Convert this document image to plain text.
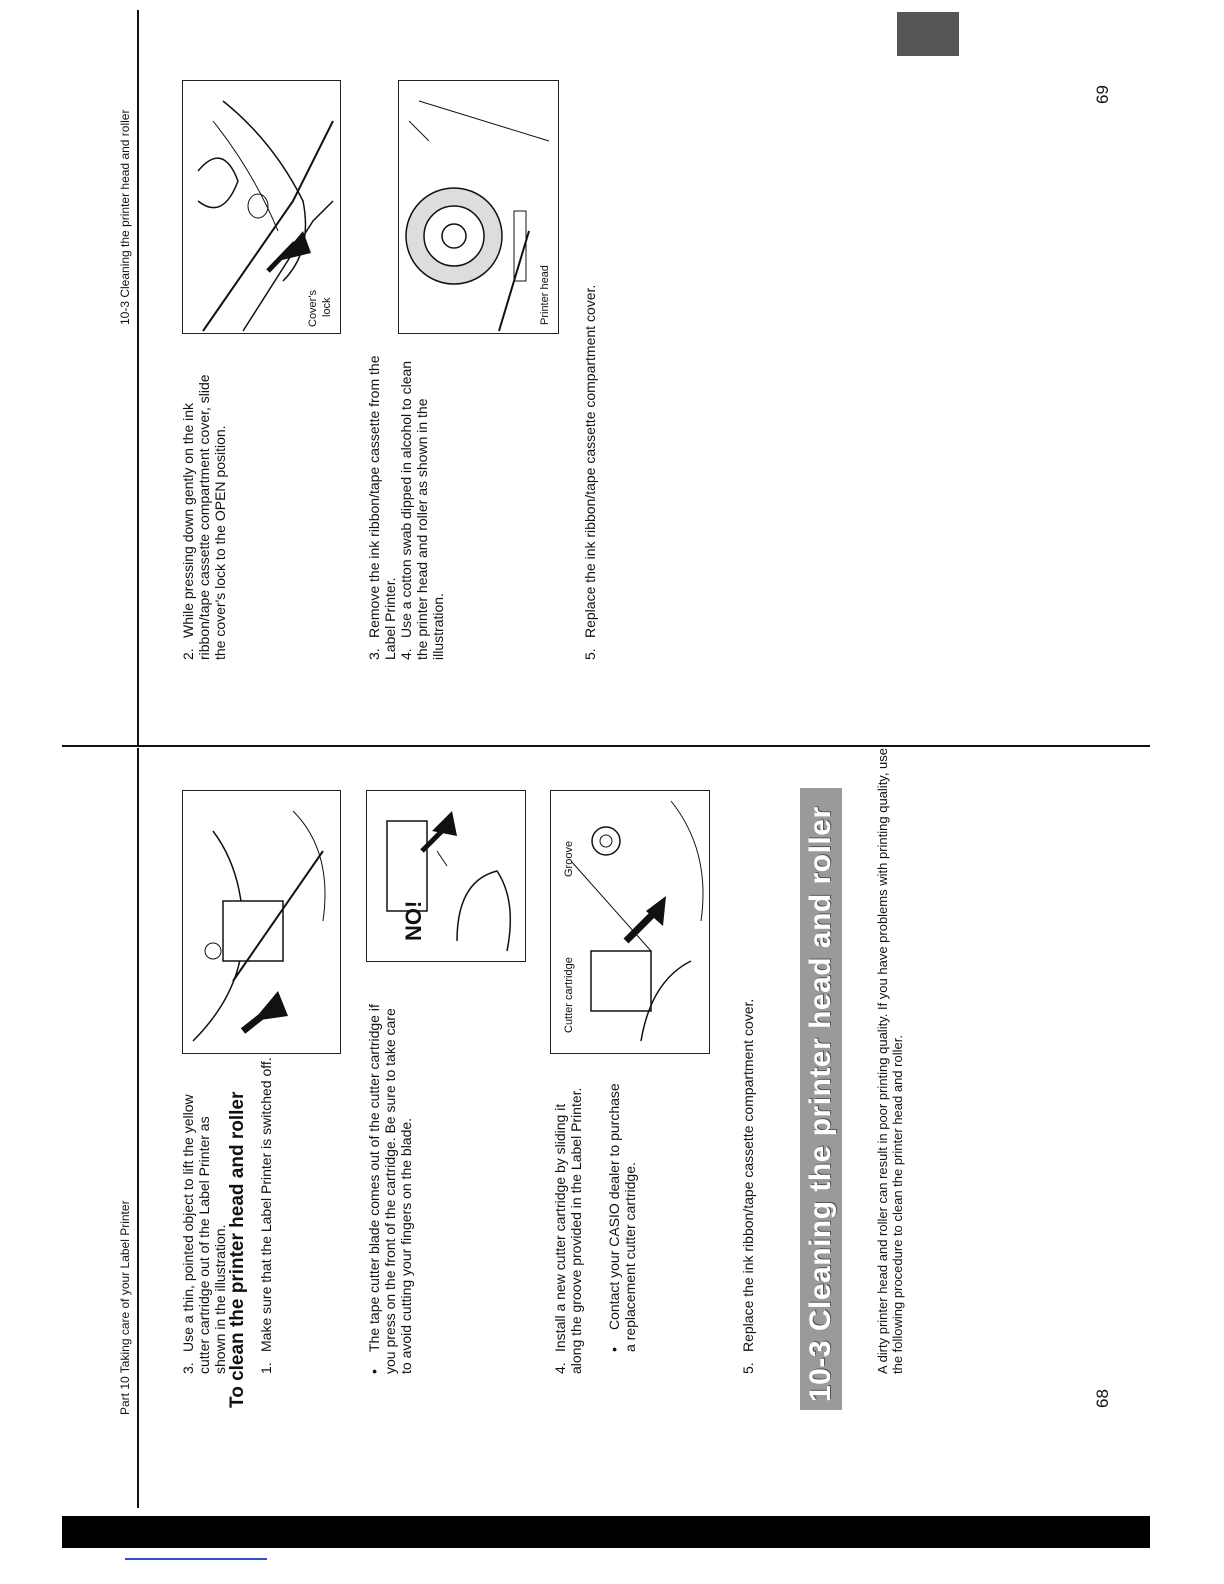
10-3 Cleaning the printer head and roller
69
2.While pressing down gently on the ink ribbon/tape cassette compartment cover, slide the cover's lock to the OPEN position.	3.Remove the ink ribbon/tape cassette from the Label Printer. 4.Use a cotton swab dipped in alcohol to clean the printer head and roller as shown in the illustration.	5.Replace the ink ribbon/tape cassette compartment cover.
Cover's lock	Printer head
Part 10 Taking care of your Label Printer	68
3.Use a thin, pointed object to lift the yellow cutter cartridge out of the Label Printer as shown in the illustration.	•The tape cutter blade comes out of the cutter cartridge if you press on the front of the cartridge. Be sure to take care to avoid cutting your fingers on the blade.	4.Install a new cutter cartridge by sliding it along the groove provided in the Label Printer. •Contact your CASIO dealer to purchase a replacement cutter cartridge.
5.Replace the ink ribbon/tape cassette compartment cover.
NO!
Cutter cartridge
Groove	10-3 Cleaning the printer head and roller	A dirty printer head and roller can result in poor printing quality. If you have problems with printing quality, use the following procedure to clean the printer head and roller.
To clean the printer head and roller 1.Make sure that the Label Printer is switched off.
